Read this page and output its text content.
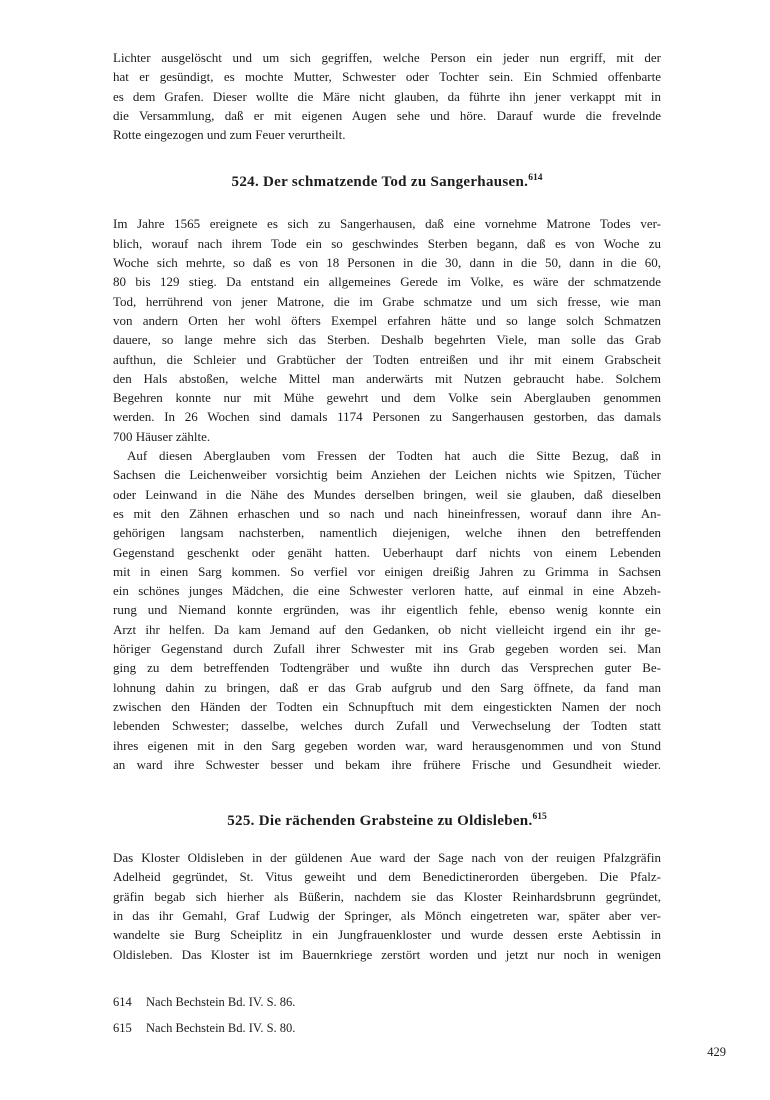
Lichter ausgelöscht und um sich gegriffen, welche Person ein jeder nun ergriff, mit der
hat er gesündigt, es mochte Mutter, Schwester oder Tochter sein. Ein Schmied offenbarte
es dem Grafen. Dieser wollte die Märe nicht glauben, da führte ihn jener verkappt mit in
die Versammlung, daß er mit eigenen Augen sehe und höre. Darauf wurde die frevelnde
Rotte eingezogen und zum Feuer verurtheilt.
524. Der schmatzende Tod zu Sangerhausen.$^{614}$
Im Jahre 1565 ereignete es sich zu Sangerhausen, daß eine vornehme Matrone Todes ver-
blich, worauf nach ihrem Tode ein so geschwindes Sterben begann, daß es von Woche zu
Woche sich mehrte, so daß es von 18 Personen in die 30, dann in die 50, dann in die 60,
80 bis 129 stieg. Da entstand ein allgemeines Gerede im Volke, es wäre der schmatzende
Tod, herrührend von jener Matrone, die im Grabe schmatze und um sich fresse, wie man
von andern Orten her wohl öfters Exempel erfahren hätte und so lange solch Schmatzen
dauere, so lange mehre sich das Sterben. Deshalb begehrten Viele, man solle das Grab
aufthun, die Schleier und Grabtücher der Todten entreißen und ihr mit einem Grabscheit
den Hals abstoßen, welche Mittel man anderwärts mit Nutzen gebraucht habe. Solchem
Begehren konnte nur mit Mühe gewehrt und dem Volke sein Aberglauben genommen
werden. In 26 Wochen sind damals 1174 Personen zu Sangerhausen gestorben, das damals
700 Häuser zählte.
Auf diesen Aberglauben vom Fressen der Todten hat auch die Sitte Bezug, daß in
Sachsen die Leichenweiber vorsichtig beim Anziehen der Leichen nichts wie Spitzen, Tücher
oder Leinwand in die Nähe des Mundes derselben bringen, weil sie glauben, daß dieselben
es mit den Zähnen erhaschen und so nach und nach hineinfressen, worauf dann ihre An-
gehörigen langsam nachsterben, namentlich diejenigen, welche ihnen den betreffenden
Gegenstand geschenkt oder genäht hatten. Ueberhaupt darf nichts von einem Lebenden
mit in einen Sarg kommen. So verfiel vor einigen dreißig Jahren zu Grimma in Sachsen
ein schönes junges Mädchen, die eine Schwester verloren hatte, auf einmal in eine Abzeh-
rung und Niemand konnte ergründen, was ihr eigentlich fehle, ebenso wenig konnte ein
Arzt ihr helfen. Da kam Jemand auf den Gedanken, ob nicht vielleicht irgend ein ihr ge-
höriger Gegenstand durch Zufall ihrer Schwester mit ins Grab gegeben worden sei. Man
ging zu dem betreffenden Todtengräber und wußte ihn durch das Versprechen guter Be-
lohnung dahin zu bringen, daß er das Grab aufgrub und den Sarg öffnete, da fand man
zwischen den Händen der Todten ein Schnupftuch mit dem eingestickten Namen der noch
lebenden Schwester; dasselbe, welches durch Zufall und Verwechselung der Todten statt
ihres eigenen mit in den Sarg gegeben worden war, ward herausgenommen und von Stund
an ward ihre Schwester besser und bekam ihre frühere Frische und Gesundheit wieder.
525. Die rächenden Grabsteine zu Oldisleben.$^{615}$
Das Kloster Oldisleben in der güldenen Aue ward der Sage nach von der reuigen Pfalzgräfin
Adelheid gegründet, St. Vitus geweiht und dem Benedictinerorden übergeben. Die Pfalz-
gräfin begab sich hierher als Büßerin, nachdem sie das Kloster Reinhardsbrunn gegründet,
in das ihr Gemahl, Graf Ludwig der Springer, als Mönch eingetreten war, später aber ver-
wandelte sie Burg Scheiplitz in ein Jungfrauenkloster und wurde dessen erste Aebtissin in
Oldisleben. Das Kloster ist im Bauernkriege zerstört worden und jetzt nur noch in wenigen
614 Nach Bechstein Bd. IV. S. 86.
615 Nach Bechstein Bd. IV. S. 80.
429
